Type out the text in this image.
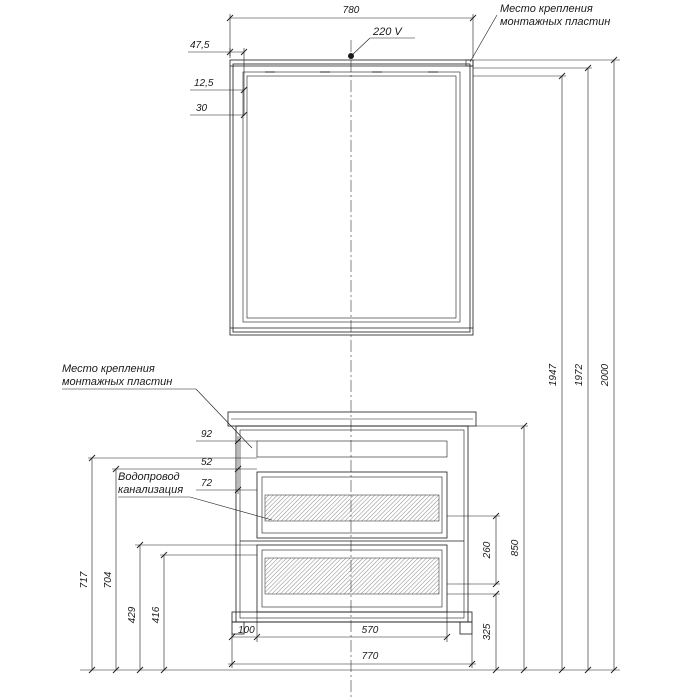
780
220 V
Место крепления
монтажных пластин
47,5
12,5
30
1947 1972 2000
Место крепления
монтажных пластин
92
52
72
Водопровод
канализация
717 704
429 416
260 850
325
100	570
770
